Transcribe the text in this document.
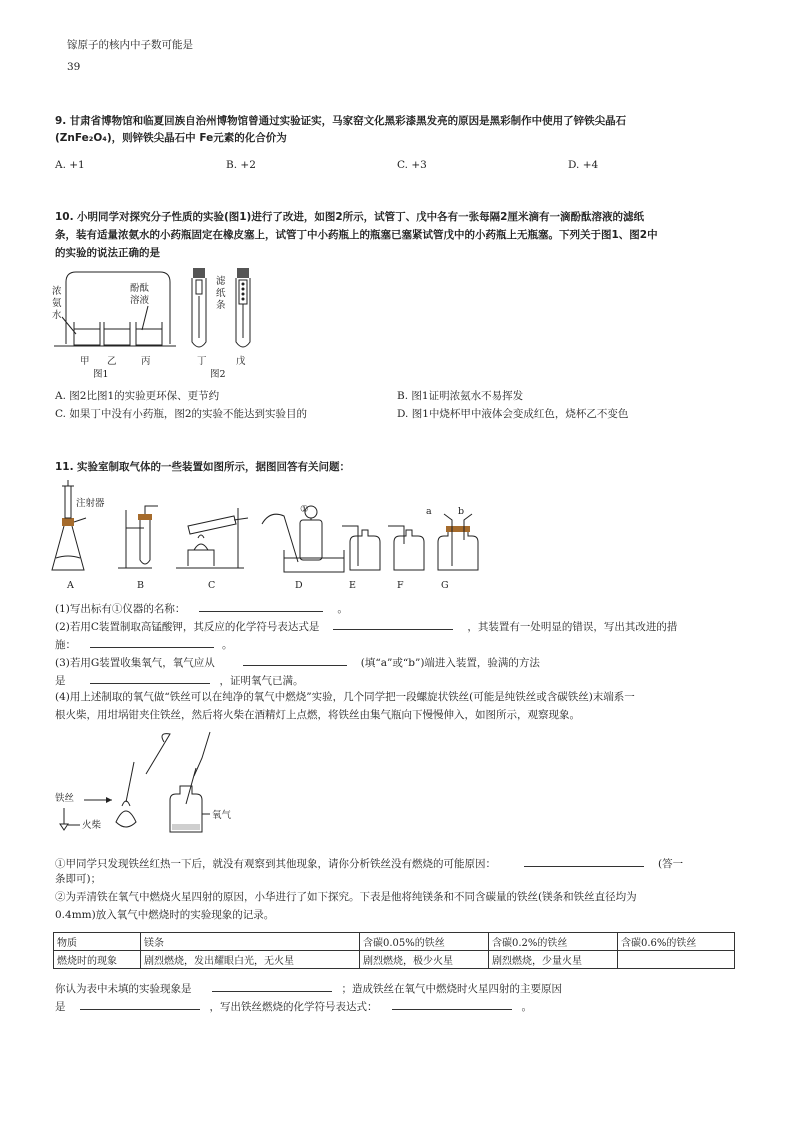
镓原子的核内中子数可能是
39
9. 甘肃省博物馆和临夏回族自治州博物馆曾通过实验证实，马家窑文化黑彩漆黑发亮的原因是黑彩制作中使用了锌铁尖晶石
(ZnFe₂O₄)，则锌铁尖晶石中 Fe元素的化合价为
A. +1	B. +2	C. +3	D. +4
10. 小明同学对探究分子性质的实验(图1)进行了改进，如图2所示，试管丁、戊中各有一张每隔2厘米滴有一滴酚酞溶液的滤纸
条，装有适量浓氨水的小药瓶固定在橡皮塞上，试管丁中小药瓶上的瓶塞已塞紧试管戊中的小药瓶上无瓶塞。下列关于图1、图2中
的实验的说法正确的是
浓
氨
水
酚酞
溶液
甲 乙	丙
图1
滤
纸
条
丁	戊
图2
A. 图2比图1的实验更环保、更节约	B. 图1证明浓氨水不易挥发
C. 如果丁中没有小药瓶，图2的实验不能达到实验目的	D. 图1中烧杯甲中液体会变成红色，烧杯乙不变色
11. 实验室制取气体的一些装置如图所示，据图回答有关问题：
注射器
①	a	b
A	B	C	D	E	F	G
(1)写出标有①仪器的名称：	。
(2)若用C装置制取高锰酸钾，其反应的化学符号表达式是	，其装置有一处明显的错误，写出其改进的措
施：	。
(3)若用G装置收集氧气，氧气应从	(填“a”或“b”)端进入装置，验满的方法
是	，证明氧气已满。
(4)用上述制取的氧气做“铁丝可以在纯净的氧气中燃烧”实验，几个同学把一段螺旋状铁丝(可能是纯铁丝或含碳铁丝)末端系一
根火柴，用坩埚钳夹住铁丝，然后将火柴在酒精灯上点燃，将铁丝由集气瓶向下慢慢伸入，如图所示，观察现象。
铁丝
火柴
氧气
①甲同学只发现铁丝红热一下后，就没有观察到其他现象，请你分析铁丝没有燃烧的可能原因：	(答一
条即可)；
②为弄清铁在氧气中燃烧火星四射的原因，小华进行了如下探究。下表是他将纯镁条和不同含碳量的铁丝(镁条和铁丝直径均为
0.4mm)放入氧气中燃烧时的实验现象的记录。
物质	镁条	含碳0.05%的铁丝	含碳0.2%的铁丝	含碳0.6%的铁丝
燃烧时的现象	剧烈燃烧，发出耀眼白光，无火星	剧烈燃烧，极少火星	剧烈燃烧，少量火星	
你认为表中未填的实验现象是	；造成铁丝在氧气中燃烧时火星四射的主要原因
是	，写出铁丝燃烧的化学符号表达式：	。
